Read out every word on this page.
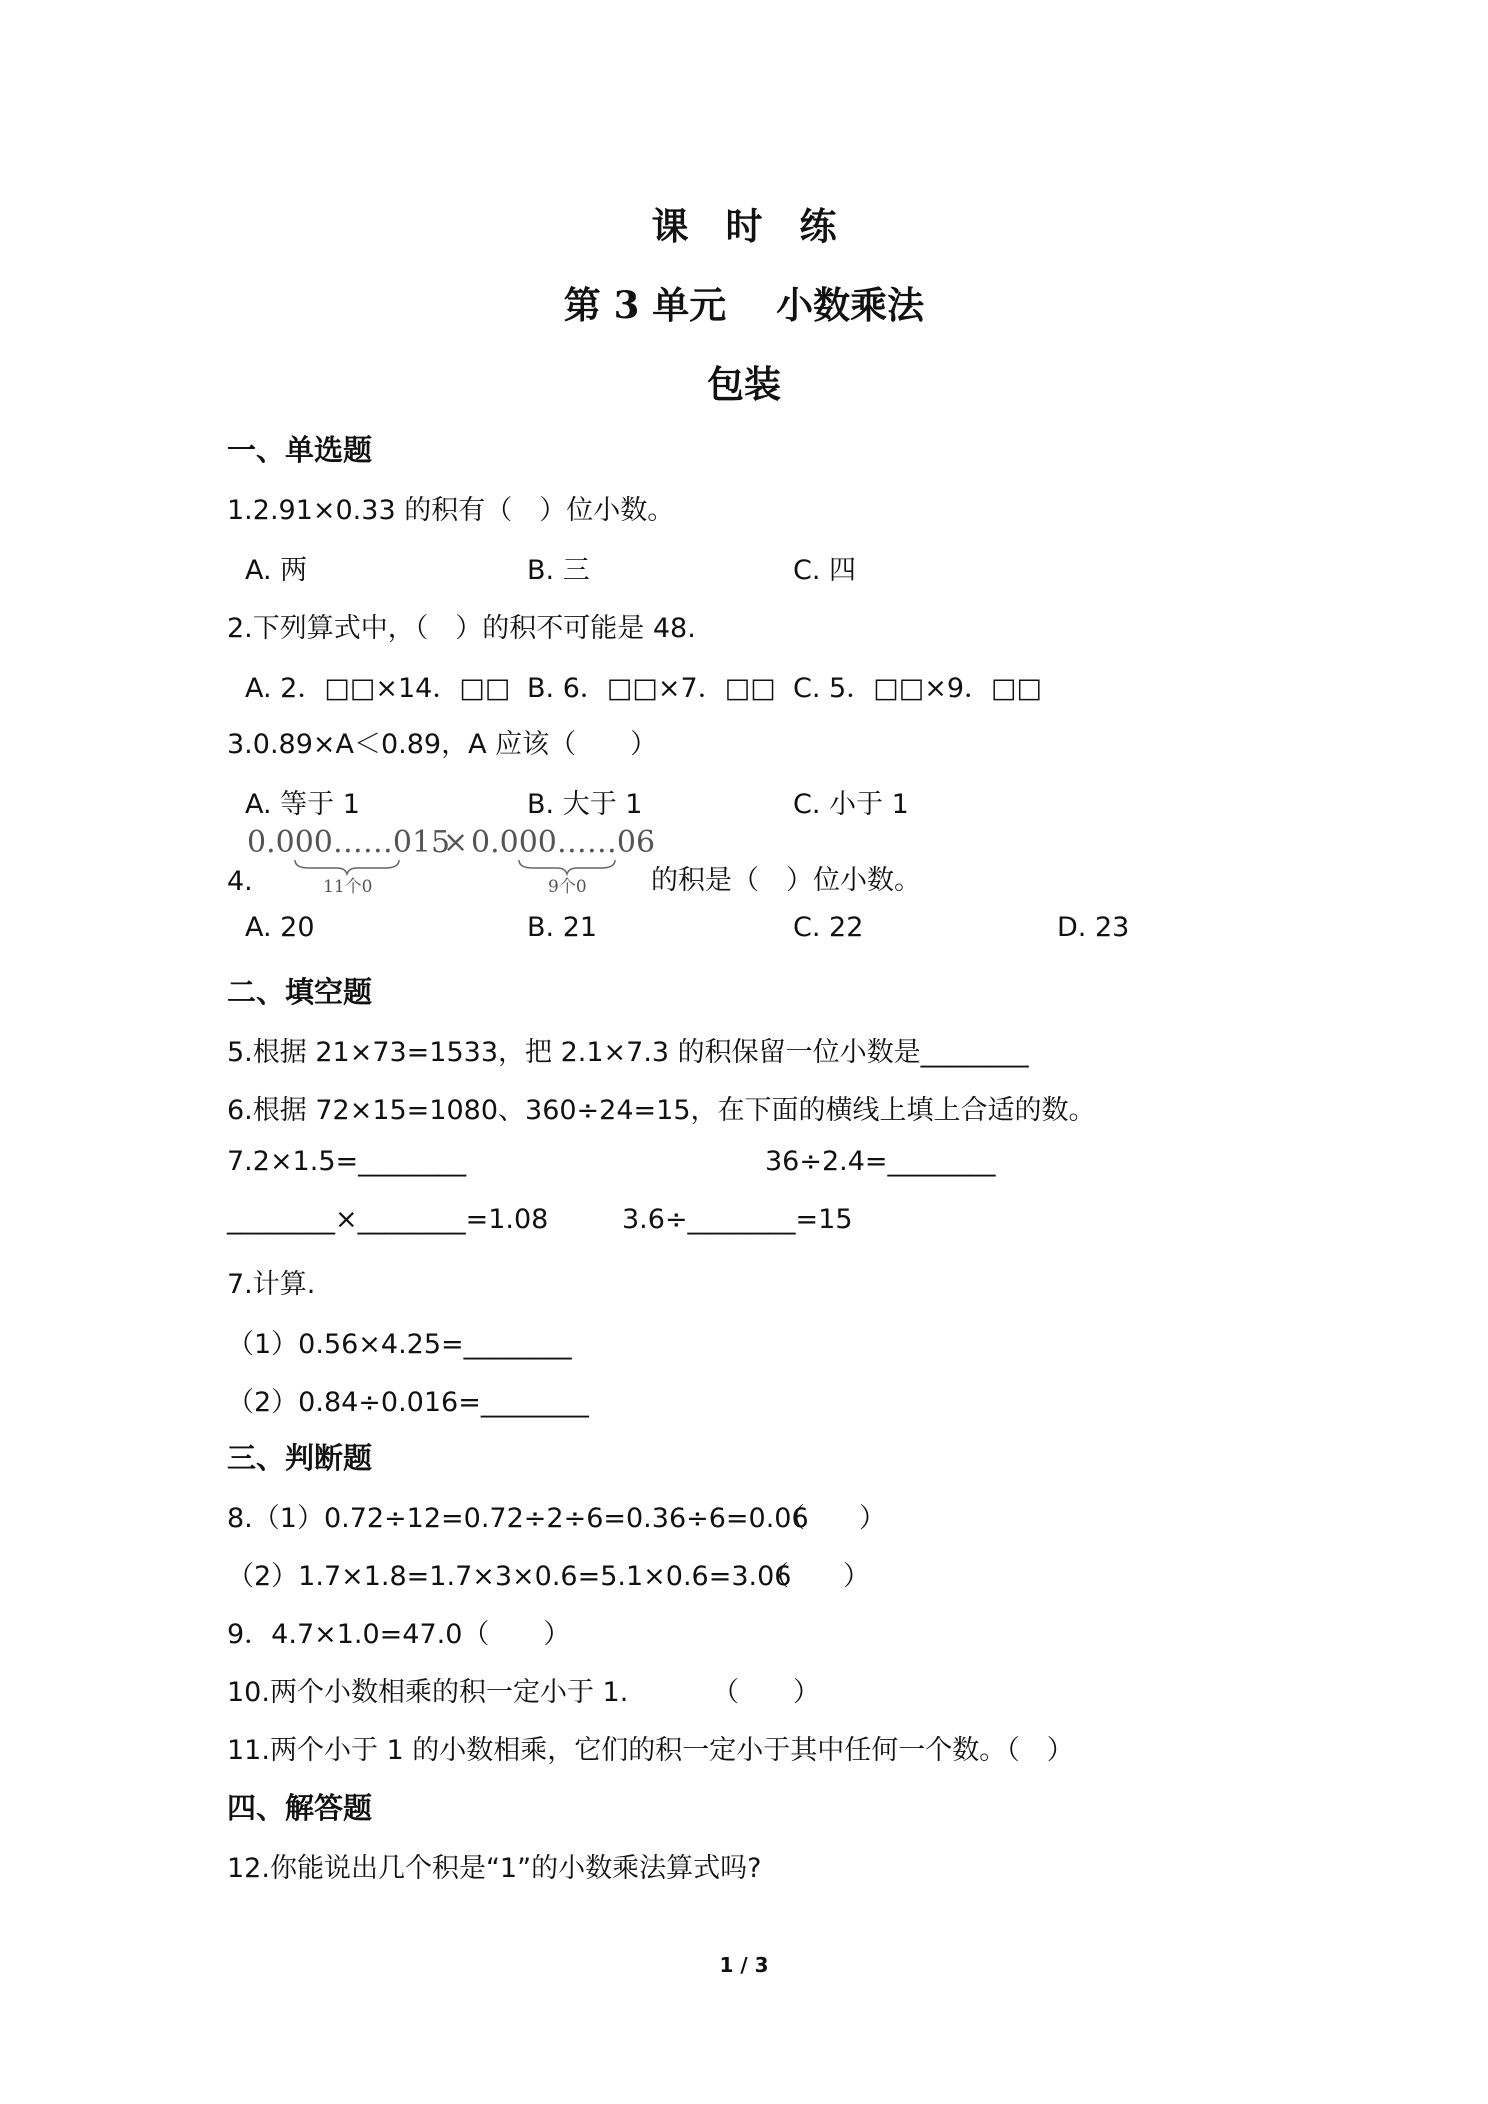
课　时　练
第 3 单元　 小数乘法
包装
一、单选题
1.2.91×0.33 的积有（　）位小数。
A. 两	B. 三	C. 四
2.下列算式中，（　）的积不可能是 48.
A. 2．□□×14．□□ B. 6．□□×7．□□ C. 5．□□×9．□□
3.0.89×A＜0.89，A 应该（　　）
A. 等于 1	B. 大于 1	C. 小于 1
4.
0.000……015
× 0.000……06
11个0	9个0 的积是（　）位小数。
A. 20	B. 21	C. 22	D. 23
二、填空题
5.根据 21×73=1533，把 2.1×7.3 的积保留一位小数是________
6.根据 72×15=1080、360÷24=15，在下面的横线上填上合适的数。
7.2×1.5=________	36÷2.4=________
________×________=1.08	3.6÷________=15
7.计算.
（1）0.56×4.25=________
（2）0.84÷0.016=________
三、判断题
8.（1）0.72÷12=0.72÷2÷6=0.36÷6=0.06
（　　）
（2）1.7×1.8=1.7×3×0.6=5.1×0.6=3.06
（　　）
9．4.7×1.0=47.0（　　）
10.两个小数相乘的积一定小于 1.	（　　）
11.两个小于 1 的小数相乘，它们的积一定小于其中任何一个数。（　）
四、解答题
12.你能说出几个积是“1”的小数乘法算式吗?
1 / 3
